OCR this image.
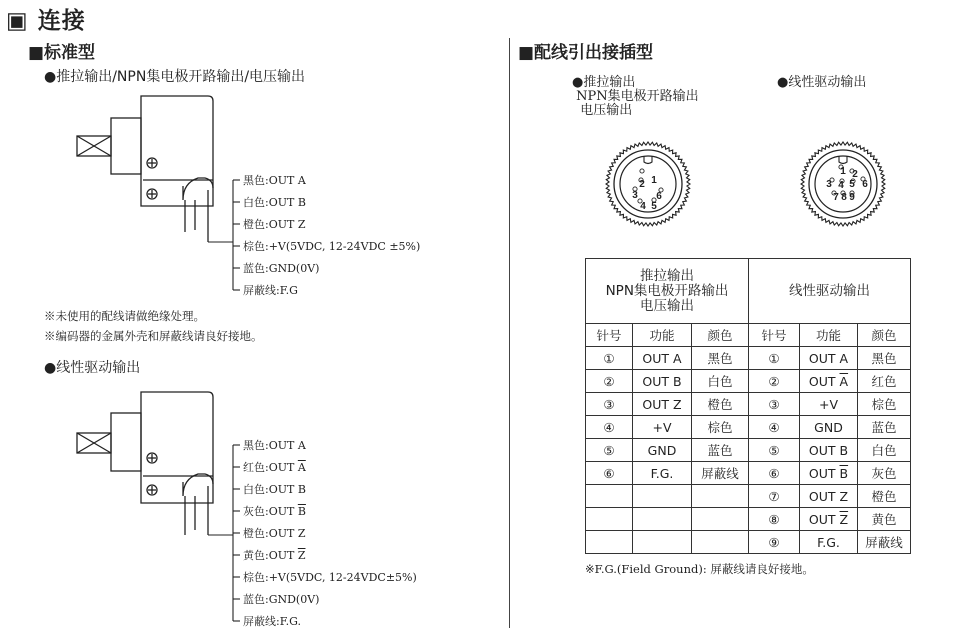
▣ 连接
■标准型
●推拉输出/NPN集电极开路输出/电压输出
1
2
3
4 5
6
1 2
3 4 5 6
7 8 9
黑色:OUT A
白色:OUT B
橙色:OUT Z
棕色:+V(5VDC, 12-24VDC ±5%)
蓝色:GND(0V)
屏蔽线:F.G
※未使用的配线请做绝缘处理。
※编码器的金属外壳和屏蔽线请良好接地。
●线性驱动输出
黑色:OUT A
红色:OUT $\overline{A}$
白色:OUT B
灰色:OUT $\overline{B}$
橙色:OUT Z
黄色:OUT $\overline{Z}$
棕色:+V(5VDC, 12-24VDC±5%)
蓝色:GND(0V)
屏蔽线:F.G.
■配线引出接插型
●推拉输出
NPN集电极开路输出
电压输出
●线性驱动输出
推拉输出
NPN集电极开路输出
电压输出			线性驱动输出		
针号	功能	颜色	针号	功能	颜色
①	OUT A	黑色	①	OUT A	黑色
②	OUT B	白色	②	OUT $\overline{A}$	红色
③	OUT Z	橙色	③	+V	棕色
④	+V	棕色	④	GND	蓝色
⑤	GND	蓝色	⑤	OUT B	白色
⑥	F.G.	屏蔽线	⑥	OUT $\overline{B}$	灰色
			⑦	OUT Z	橙色
			⑧	OUT $\overline{Z}$	黄色
			⑨	F.G.	屏蔽线
※F.G.(Field Ground): 屏蔽线请良好接地。
